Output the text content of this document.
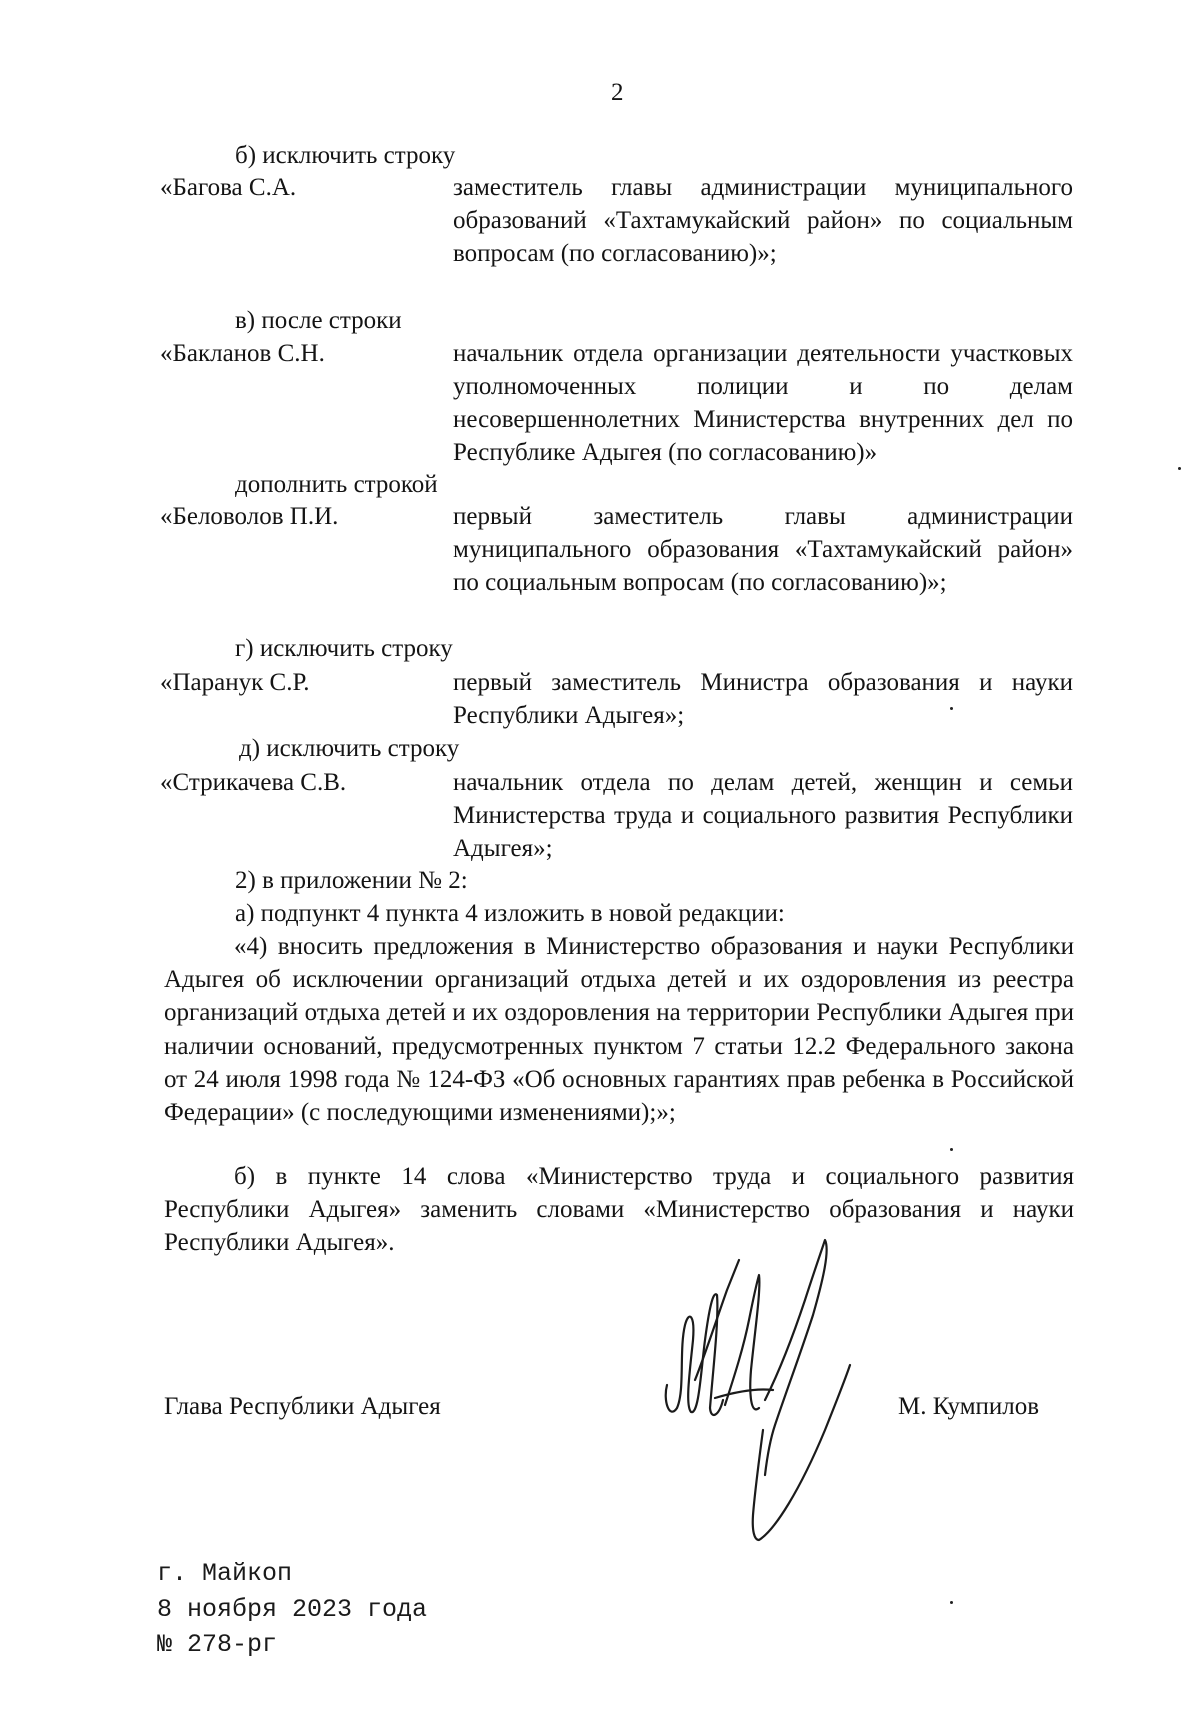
2
б) исключить строку
«Багова С.А.	заместитель главы администрации муниципального образований «Тахтамукайский район» по социальным вопросам (по согласованию)»;
в) после строки
«Бакланов С.Н.	начальник отдела организации деятельности участковых уполномоченных полиции и по делам несовершеннолетних Министерства внутренних дел по Республике Адыгея (по согласованию)»
дополнить строкой
«Беловолов П.И.	первый заместитель главы администрации муниципального образования «Тахтамукайский район» по социальным вопросам (по согласованию)»;
г) исключить строку
«Паранук С.Р.	первый заместитель Министра образования и науки Республики Адыгея»;
д) исключить строку
«Стрикачева С.В.	начальник отдела по делам детей, женщин и семьи Министерства труда и социального развития Республики Адыгея»;
2) в приложении № 2:
а) подпункт 4 пункта 4 изложить в новой редакции:
«4) вносить предложения в Министерство образования и науки Республики Адыгея об исключении организаций отдыха детей и их оздоровления из реестра организаций отдыха детей и их оздоровления на территории Республики Адыгея при наличии оснований, предусмотренных пунктом 7 статьи 12.2 Федерального закона от 24 июля 1998 года № 124-ФЗ «Об основных гарантиях прав ребенка в Российской Федерации» (с последующими изменениями);»;
б) в пункте 14 слова «Министерство труда и социального развития Республики Адыгея» заменить словами «Министерство образования и науки Республики Адыгея».
Глава Республики Адыгея	М. Кумпилов
г. Майкоп
8 ноября 2023 года
№ 278-рг
